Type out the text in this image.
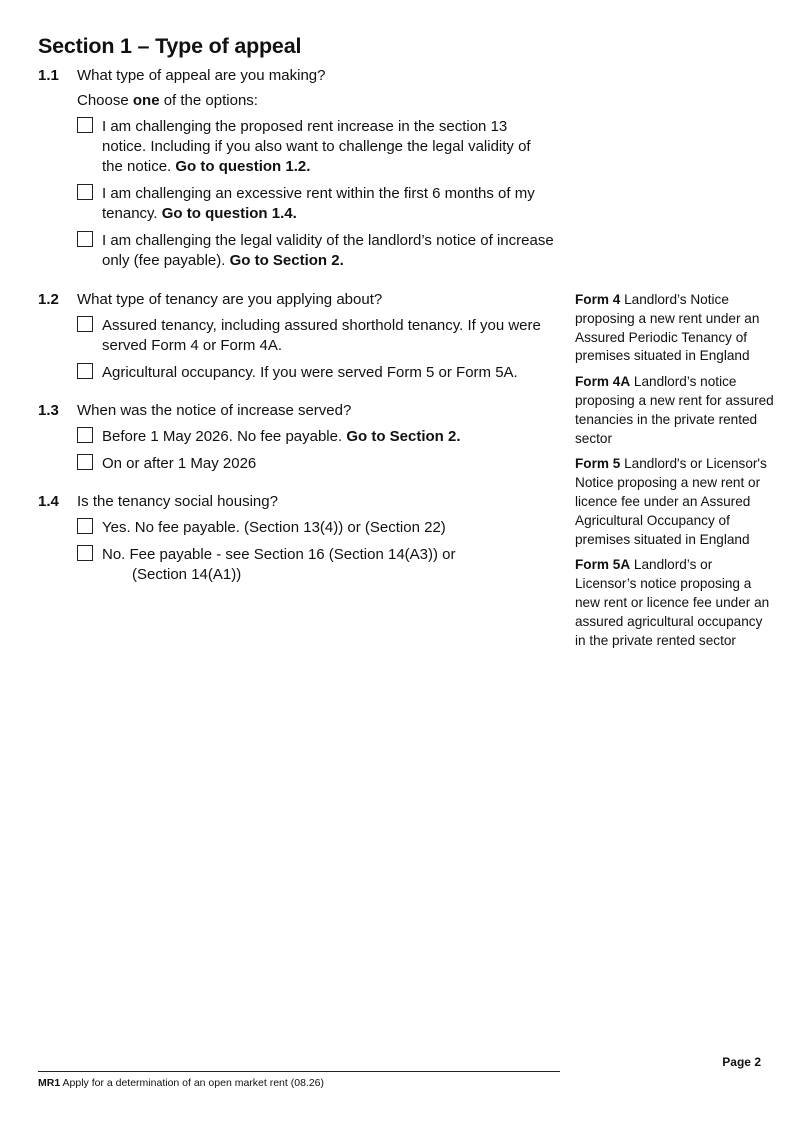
Section 1 – Type of appeal
1.1	What type of appeal are you making?
Choose one of the options:
I am challenging the proposed rent increase in the section 13 notice. Including if you also want to challenge the legal validity of the notice. Go to question 1.2.
I am challenging an excessive rent within the first 6 months of my tenancy. Go to question 1.4.
I am challenging the legal validity of the landlord’s notice of increase only (fee payable). Go to Section 2.
1.2	What type of tenancy are you applying about?
Assured tenancy, including assured shorthold tenancy. If you were served Form 4 or Form 4A.
Agricultural occupancy. If you were served Form 5 or Form 5A.
1.3	When was the notice of increase served?
Before 1 May 2026. No fee payable. Go to Section 2.
On or after 1 May 2026
1.4	Is the tenancy social housing?
Yes. No fee payable. (Section 13(4)) or (Section 22)
No. Fee payable - see Section 16 (Section 14(A3)) or
(Section 14(A1))
Form 4 Landlord’s Notice proposing a new rent under an Assured Periodic Tenancy of premises situated in England
Form 4A Landlord’s notice proposing a new rent for assured tenancies in the private rented sector
Form 5 Landlord's or Licensor's Notice proposing a new rent or licence fee under an Assured Agricultural Occupancy of premises situated in England
Form 5A Landlord’s or Licensor’s notice proposing a new rent or licence fee under an assured agricultural occupancy in the private rented sector
Page 2
MR1 Apply for a determination of an open market rent (08.26)
